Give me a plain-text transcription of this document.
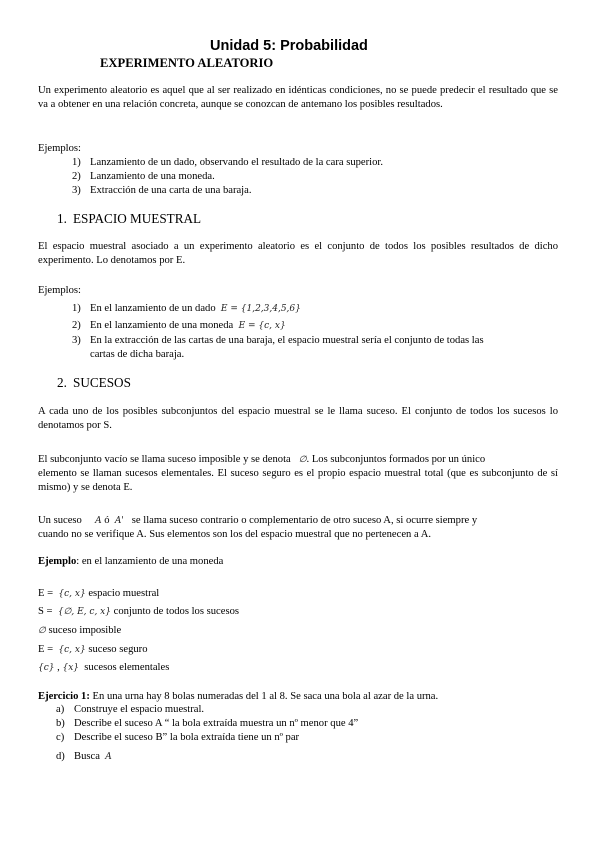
Unidad 5: Probabilidad
EXPERIMENTO ALEATORIO
Un experimento aleatorio es aquel que al ser realizado en idénticas condiciones, no se puede predecir el resultado que se va a obtener en una relación concreta, aunque se conozcan de antemano los posibles resultados.
Ejemplos:
1) Lanzamiento de un dado, observando el resultado de la cara superior.
2) Lanzamiento de una moneda.
3) Extracción de una carta de una baraja.
1. ESPACIO MUESTRAL
El espacio muestral asociado a un experimento aleatorio es el conjunto de todos los posibles resultados de dicho experimento. Lo denotamos por E.
Ejemplos:
1) En el lanzamiento de un dado E = {1,2,3,4,5,6}
2) En el lanzamiento de una moneda E = {c, x}
3) En la extracción de las cartas de una baraja, el espacio muestral sería el conjunto de todas las
cartas de dicha baraja.
2. SUCESOS
A cada uno de los posibles subconjuntos del espacio muestral se le llama suceso. El conjunto de todos los sucesos lo denotamos por S.
El subconjunto vacío se llama suceso imposible y se denota ∅. Los subconjuntos formados por un único
elemento se llaman sucesos elementales. El suceso seguro es el propio espacio muestral total (que es subconjunto de sí mismo) y se denota E.
Un suceso A ó A' se llama suceso contrario o complementario de otro suceso A, si ocurre siempre y
cuando no se verifique A. Sus elementos son los del espacio muestral que no pertenecen a A.
Ejemplo: en el lanzamiento de una moneda
E =  {c, x} espacio muestral
S =  {∅, E, c, x} conjunto de todos los sucesos
∅ suceso imposible
E =  {c, x} suceso seguro
{c} , {x} sucesos elementales
Ejercicio 1: En una urna hay 8 bolas numeradas del 1 al 8. Se saca una bola al azar de la urna.
a) Construye el espacio muestral.
b) Describe el suceso A “ la bola extraída muestra un nº menor que 4”
c) Describe el suceso B” la bola extraída tiene un nº par
d) Busca A
